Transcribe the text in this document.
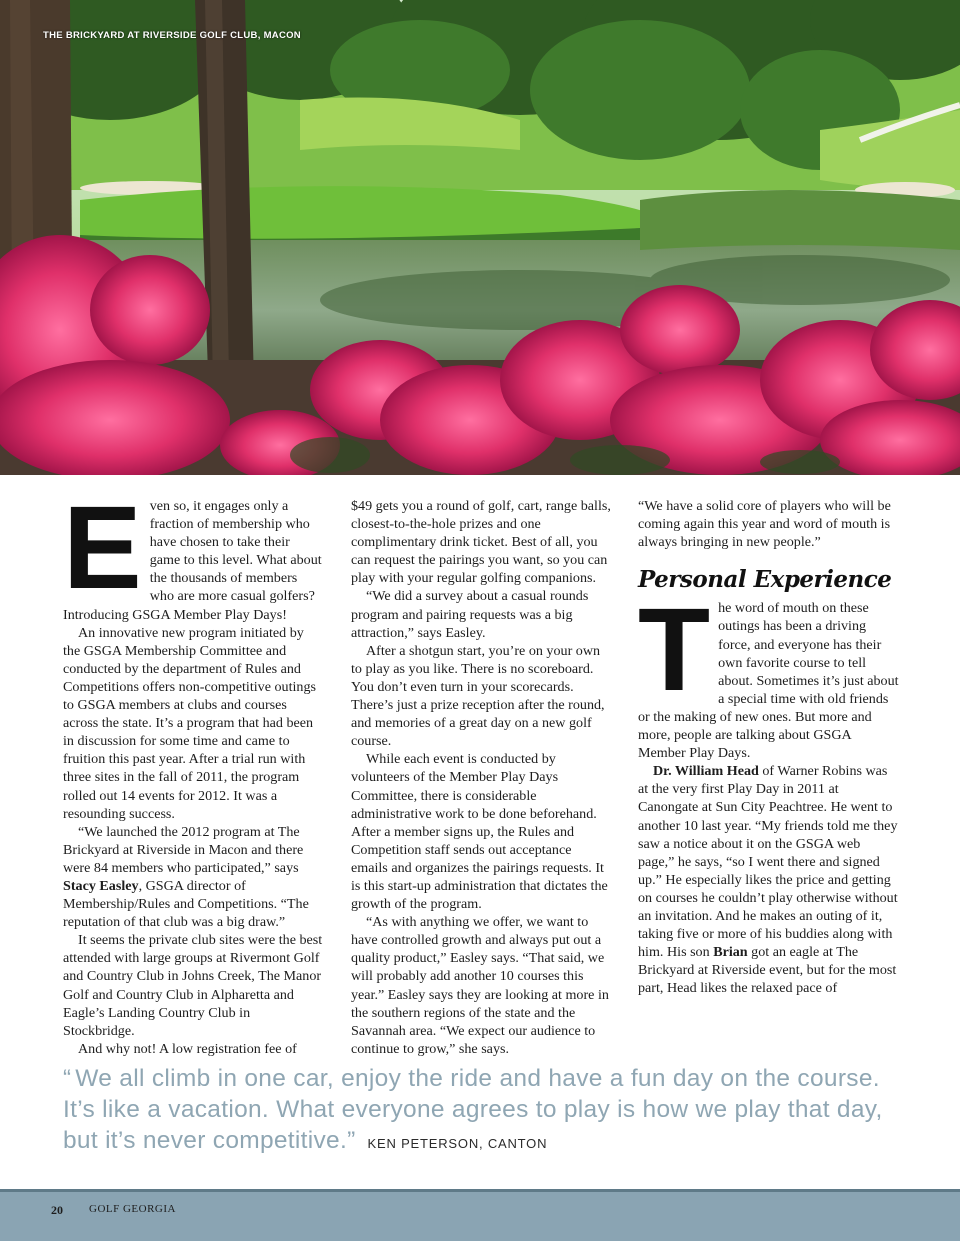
THE BRICKYARD AT RIVERSIDE GOLF CLUB, MACON
E ven so, it engages only a fraction of membership who have chosen to take their game to this level. What about the thousands of members who are more casual golfers? Introducing GSGA Member Play Days!

An innovative new program initiated by the GSGA Membership Committee and conducted by the department of Rules and Competitions offers non-competitive outings to GSGA members at clubs and courses across the state. It’s a program that had been in discussion for some time and came to fruition this past year. After a trial run with three sites in the fall of 2011, the program rolled out 14 events for 2012. It was a resounding success.

“We launched the 2012 program at The Brickyard at Riverside in Macon and there were 84 members who participated,” says Stacy Easley, GSGA director of Membership/Rules and Competitions. “The reputation of that club was a big draw.”

It seems the private club sites were the best attended with large groups at Rivermont Golf and Country Club in Johns Creek, The Manor Golf and Country Club in Alpharetta and Eagle’s Landing Country Club in Stockbridge.

And why not! A low registration fee of

$49 gets you a round of golf, cart, range balls, closest-to-the-hole prizes and one complimentary drink ticket. Best of all, you can request the pairings you want, so you can play with your regular golfing companions.

“We did a survey about a casual rounds program and pairing requests was a big attraction,” says Easley.

After a shotgun start, you’re on your own to play as you like. There is no scoreboard. You don’t even turn in your scorecards. There’s just a prize reception after the round, and memories of a great day on a new golf course.

While each event is conducted by volunteers of the Member Play Days Committee, there is considerable administrative work to be done beforehand. After a member signs up, the Rules and Competition staff sends out acceptance emails and organizes the pairings requests. It is this start-up administration that dictates the growth of the program.

“As with anything we offer, we want to have controlled growth and always put out a quality product,” Easley says. “That said, we will probably add another 10 courses this year.” Easley says they are looking at more in the southern regions of the state and the Savannah area. “We expect our audience to continue to grow,” she says.

“We have a solid core of players who will be coming again this year and word of mouth is always bringing in new people.”

Personal Experience
T he word of mouth on these outings has been a driving force, and everyone has their own favorite course to tell about. Sometimes it’s just about a special time with old friends or the making of new ones. But more and more, people are talking about GSGA Member Play Days.

Dr. William Head of Warner Robins was at the very first Play Day in 2011 at Canongate at Sun City Peachtree. He went to another 10 last year. “My friends told me they saw a notice about it on the GSGA web page,” he says, “so I went there and signed up.” He especially likes the price and getting on courses he couldn’t play otherwise without an invitation. And he makes an outing of it, taking five or more of his buddies along with him. His son Brian got an eagle at The Brickyard at Riverside event, but for the most part, Head likes the relaxed pace of

“ We all climb in one car, enjoy the ride and have a fun day on the course. It’s like a vacation. What everyone agrees to play is how we play that day, but it’s never competitive.” KEN PETERSON, CANTON
20 GOLF GEORGIA
